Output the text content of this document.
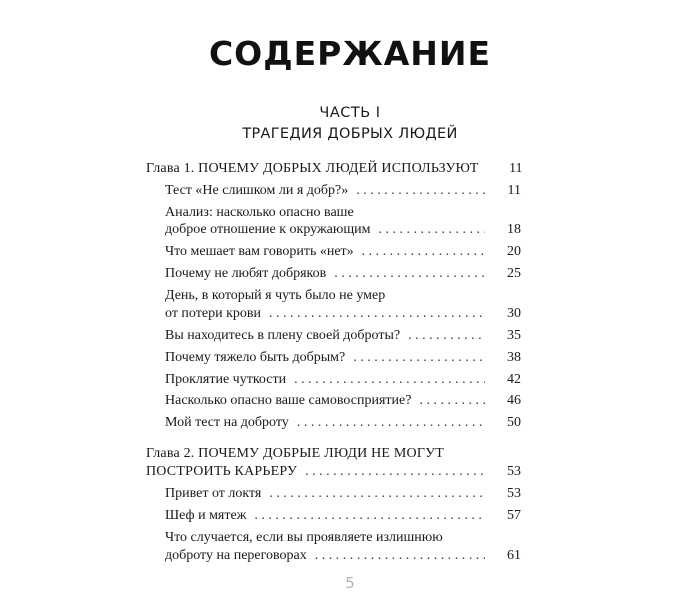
СОДЕРЖАНИЕ
ЧАСТЬ I
ТРАГЕДИЯ ДОБРЫХ ЛЮДЕЙ
Глава 1. ПОЧЕМУ ДОБРЫХ ЛЮДЕЙ ИСПОЛЬЗУЮТ	11
Тест «Не слишком ли я добр?» . . .	11
Анализ: насколько опасно ваше
доброе отношение к окружающим . . .	18
Что мешает вам говорить «нет» . . .	20
Почему не любят добряков . . .	25
День, в который я чуть было не умер
от потери крови . . .	30
Вы находитесь в плену своей доброты? . . .	35
Почему тяжело быть добрым? . . .	38
Проклятие чуткости . . .	42
Насколько опасно ваше самовосприятие? . . .	46
Мой тест на доброту . . .	50
Глава 2. ПОЧЕМУ ДОБРЫЕ ЛЮДИ НЕ МОГУТ
ПОСТРОИТЬ КАРЬЕРУ . . .	53
Привет от локтя . . .	53
Шеф и мятеж . . .	57
Что случается, если вы проявляете излишнюю
доброту на переговорах . . .	61
5
